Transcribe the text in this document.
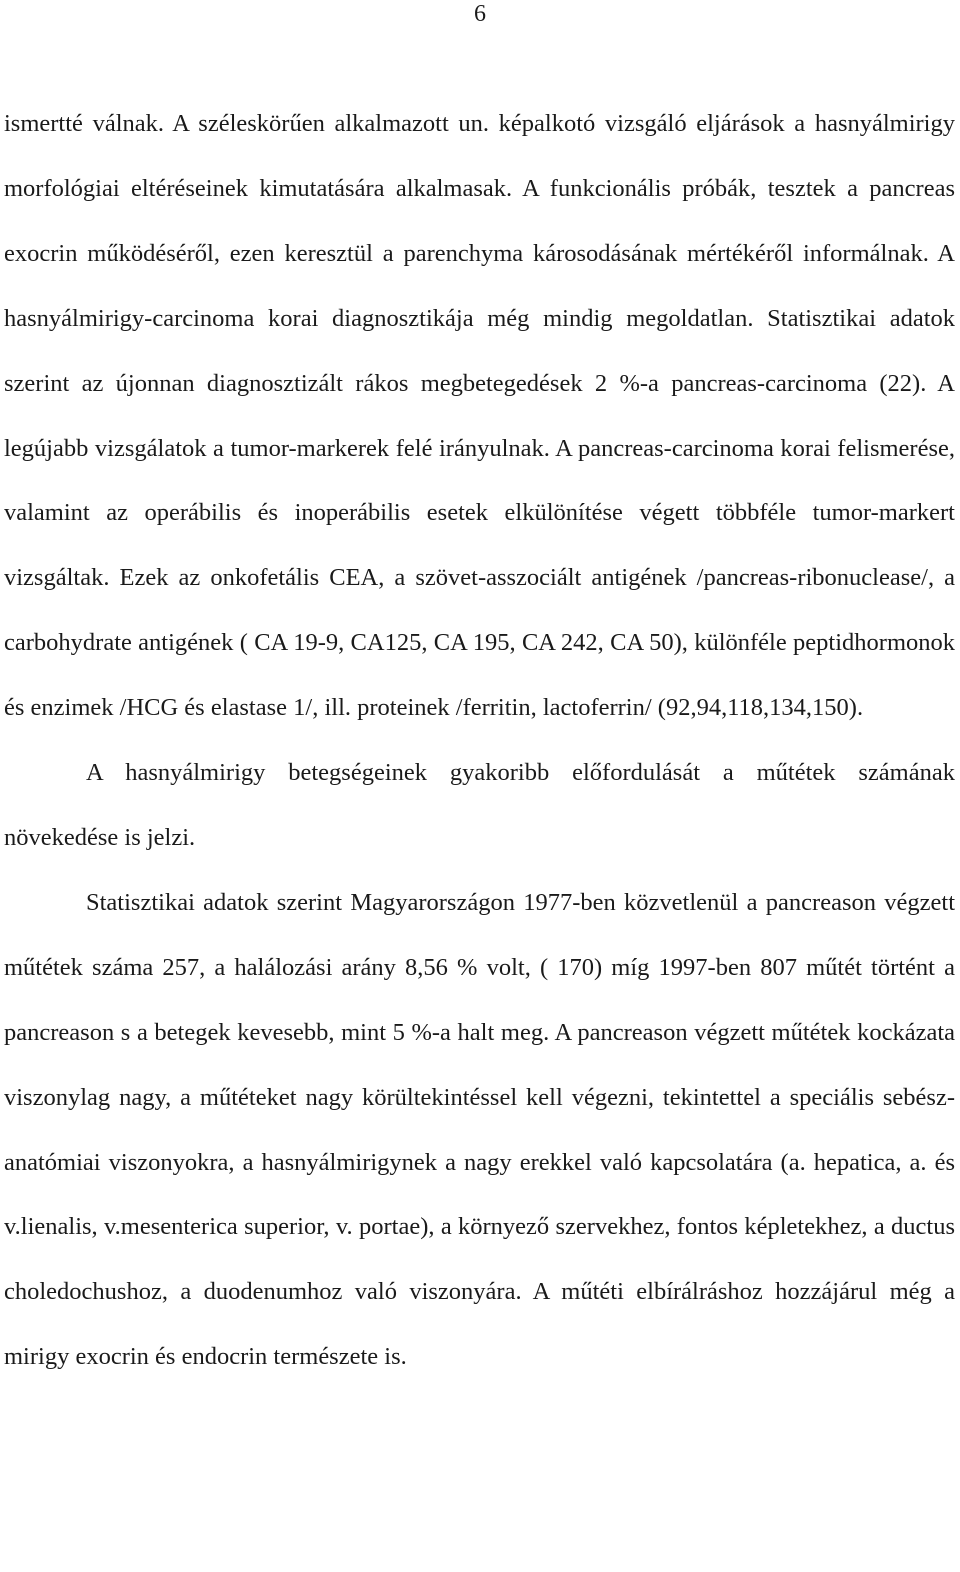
6

ismertté válnak. A széleskörűen alkalmazott un. képalkotó vizsgáló eljárások a hasnyálmirigy morfológiai eltéréseinek kimutatására alkalmasak. A funkcionális próbák, tesztek a pancreas exocrin működéséről, ezen keresztül a parenchyma károsodásának mértékéről informálnak. A hasnyálmirigy-carcinoma korai diagnosztikája még mindig megoldatlan. Statisztikai adatok szerint az újonnan diagnosztizált rákos megbetegedések 2 %-a pancreas-carcinoma (22). A legújabb vizsgálatok a tumor-markerek felé irányulnak. A pancreas-carcinoma korai felismerése, valamint az operábilis és inoperábilis esetek elkülönítése végett többféle tumor-markert vizsgáltak. Ezek az onkofetális CEA, a szövet-asszociált antigének /pancreas-ribonuclease/, a carbohydrate antigének ( CA 19-9, CA125, CA 195, CA 242, CA 50), különféle peptidhormonok és enzimek /HCG és elastase 1/, ill. proteinek /ferritin, lactoferrin/ (92,94,118,134,150).

A hasnyálmirigy betegségeinek gyakoribb előfordulását a műtétek számának növekedése is jelzi.

Statisztikai adatok szerint Magyarországon 1977-ben közvetlenül a pancreason végzett műtétek száma 257, a halálozási arány 8,56 % volt, ( 170) míg 1997-ben 807 műtét történt a pancreason s a betegek kevesebb, mint 5 %-a halt meg. A pancreason végzett műtétek kockázata viszonylag nagy, a műtéteket nagy körültekintéssel kell végezni, tekintettel a speciális sebész-anatómiai viszonyokra, a hasnyálmirigynek a nagy erekkel való kapcsolatára (a. hepatica, a. és v.lienalis, v.mesenterica superior, v. portae), a környező szervekhez, fontos képletekhez, a ductus choledochushoz, a duodenumhoz való viszonyára. A műtéti elbírálráshoz hozzájárul még a mirigy exocrin és endocrin természete is.
